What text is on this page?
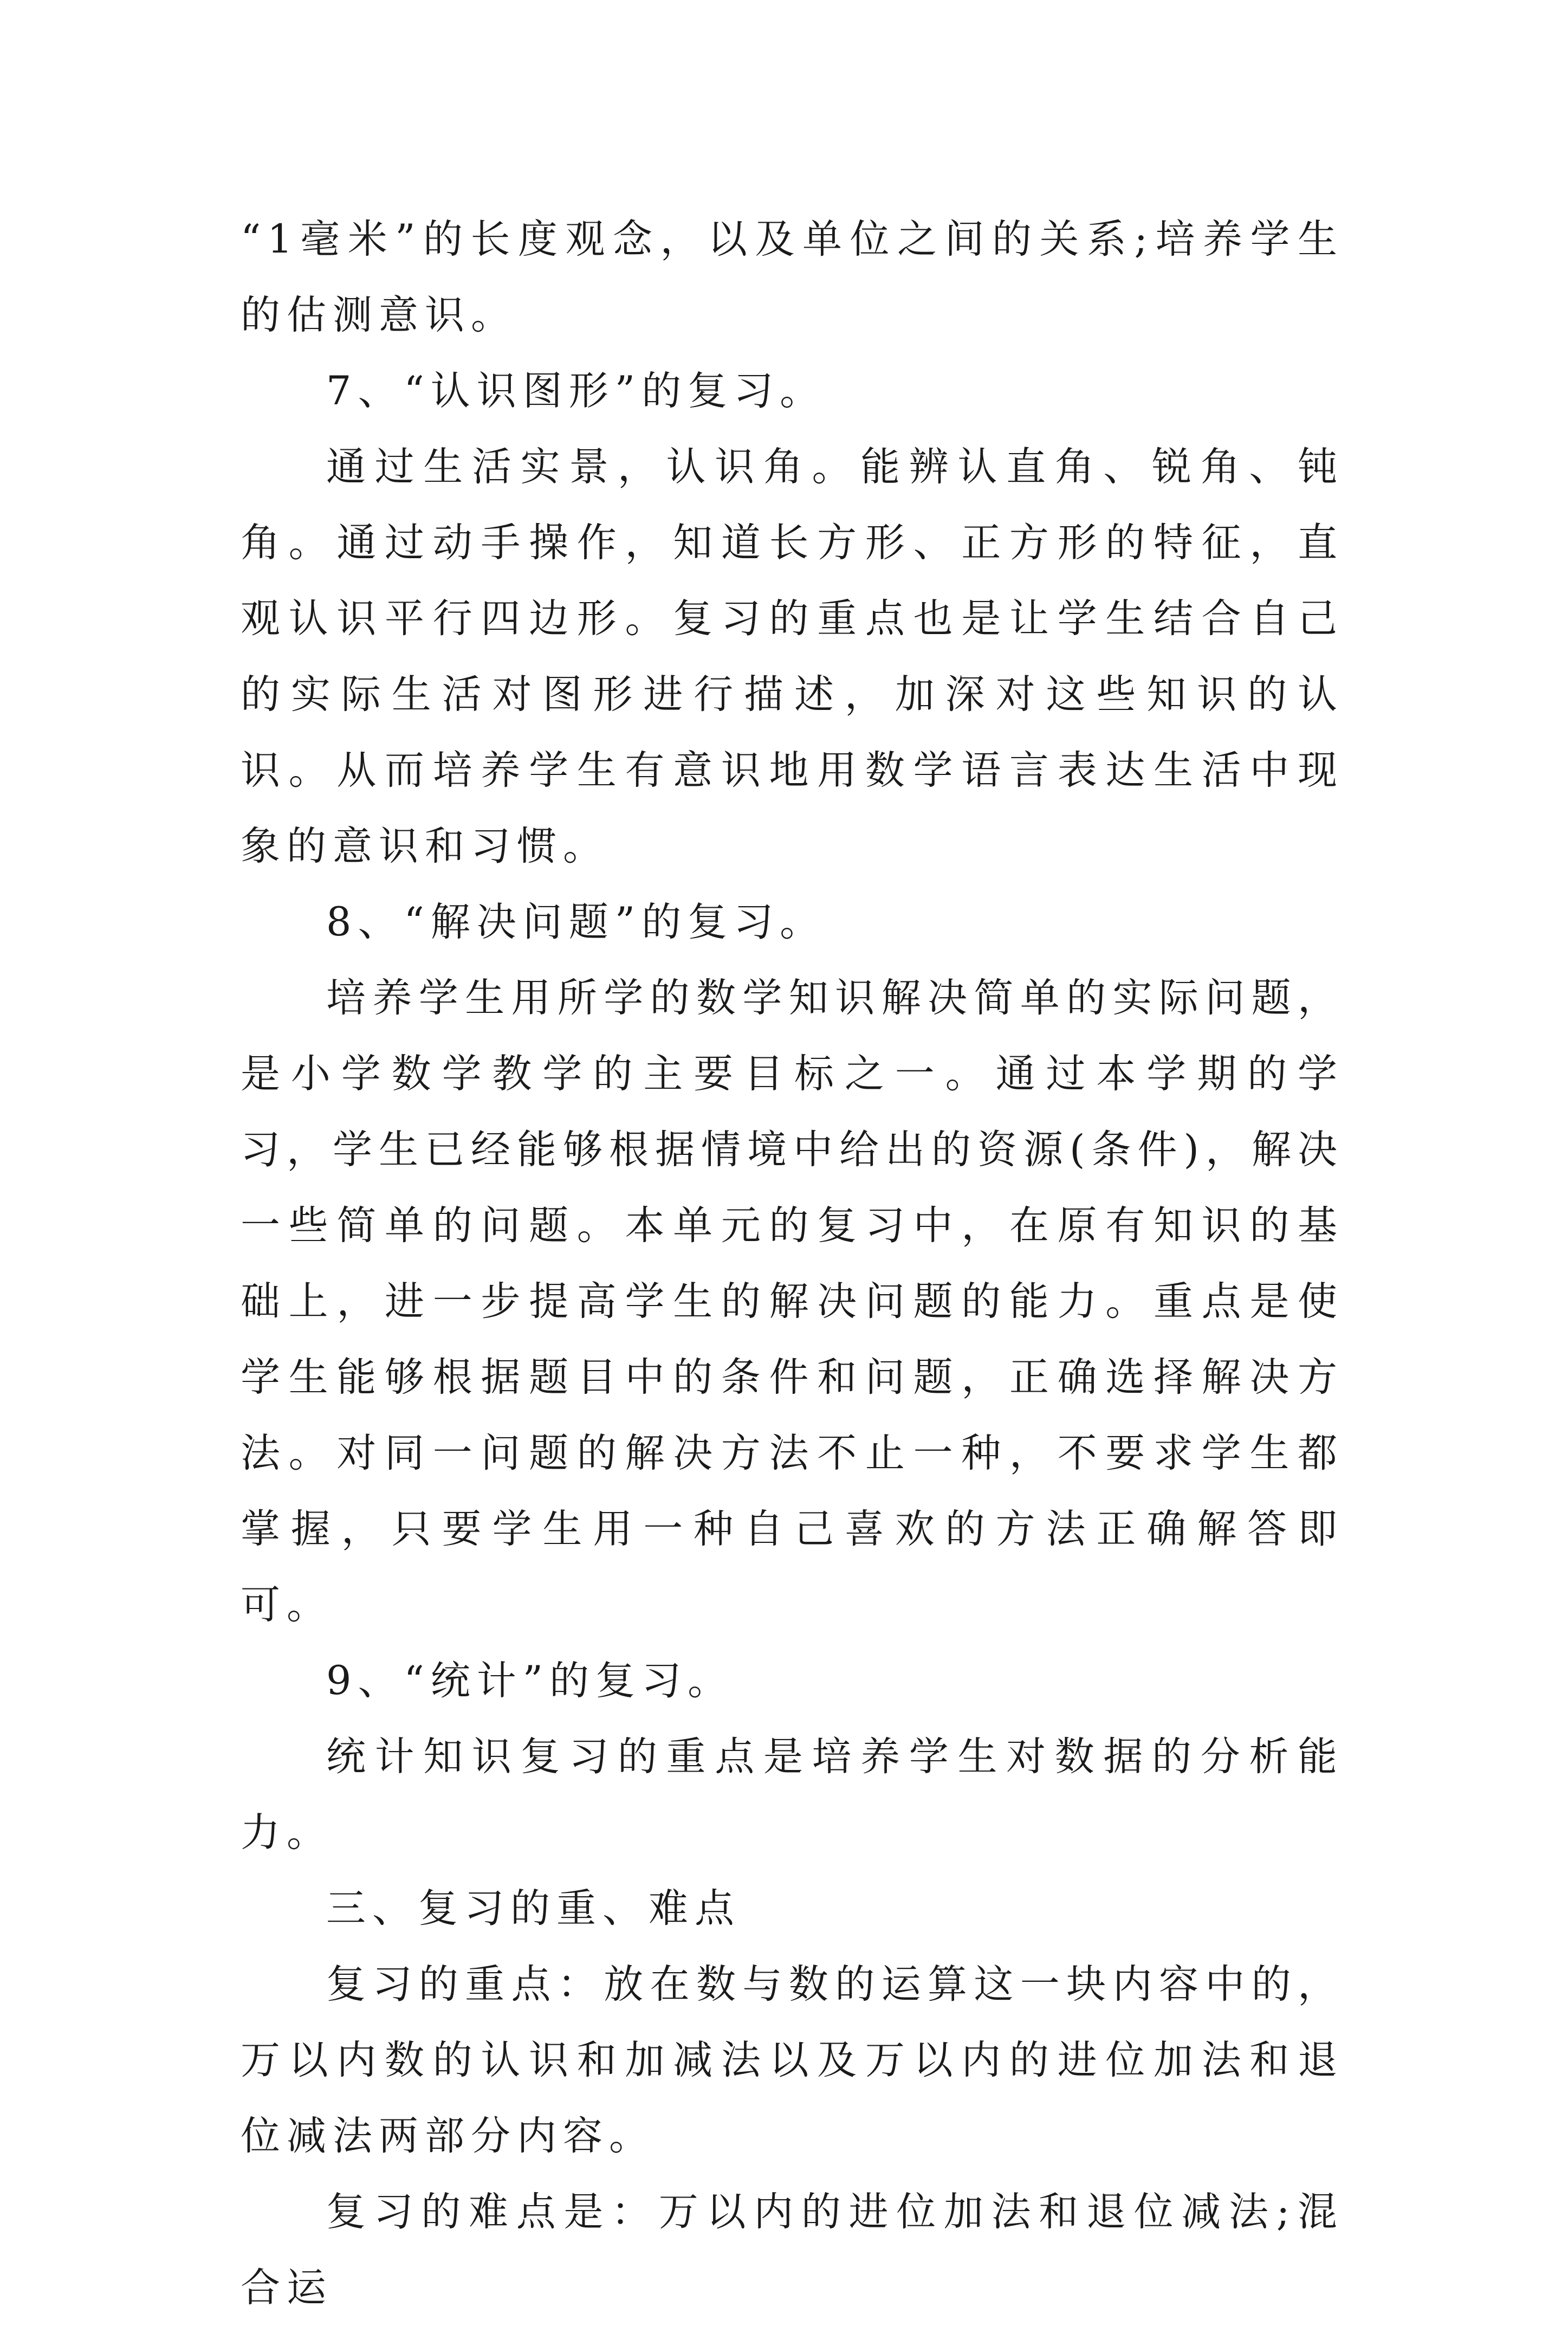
“1毫米”的长度观念，以及单位之间的关系;培养学生的估测意识。

7、“认识图形”的复习。

通过生活实景，认识角。能辨认直角、锐角、钝角。通过动手操作，知道长方形、正方形的特征，直观认识平行四边形。复习的重点也是让学生结合自己的实际生活对图形进行描述，加深对这些知识的认识。从而培养学生有意识地用数学语言表达生活中现象的意识和习惯。

8、“解决问题”的复习。

培养学生用所学的数学知识解决简单的实际问题，是小学数学教学的主要目标之一。通过本学期的学习，学生已经能够根据情境中给出的资源(条件)，解决一些简单的问题。本单元的复习中，在原有知识的基础上，进一步提高学生的解决问题的能力。重点是使学生能够根据题目中的条件和问题，正确选择解决方法。对同一问题的解决方法不止一种，不要求学生都掌握，只要学生用一种自己喜欢的方法正确解答即可。

9、“统计”的复习。

统计知识复习的重点是培养学生对数据的分析能力。

三、复习的重、难点

复习的重点：放在数与数的运算这一块内容中的，万以内数的认识和加减法以及万以内的进位加法和退位减法两部分内容。

复习的难点是：万以内的进位加法和退位减法;混合运
